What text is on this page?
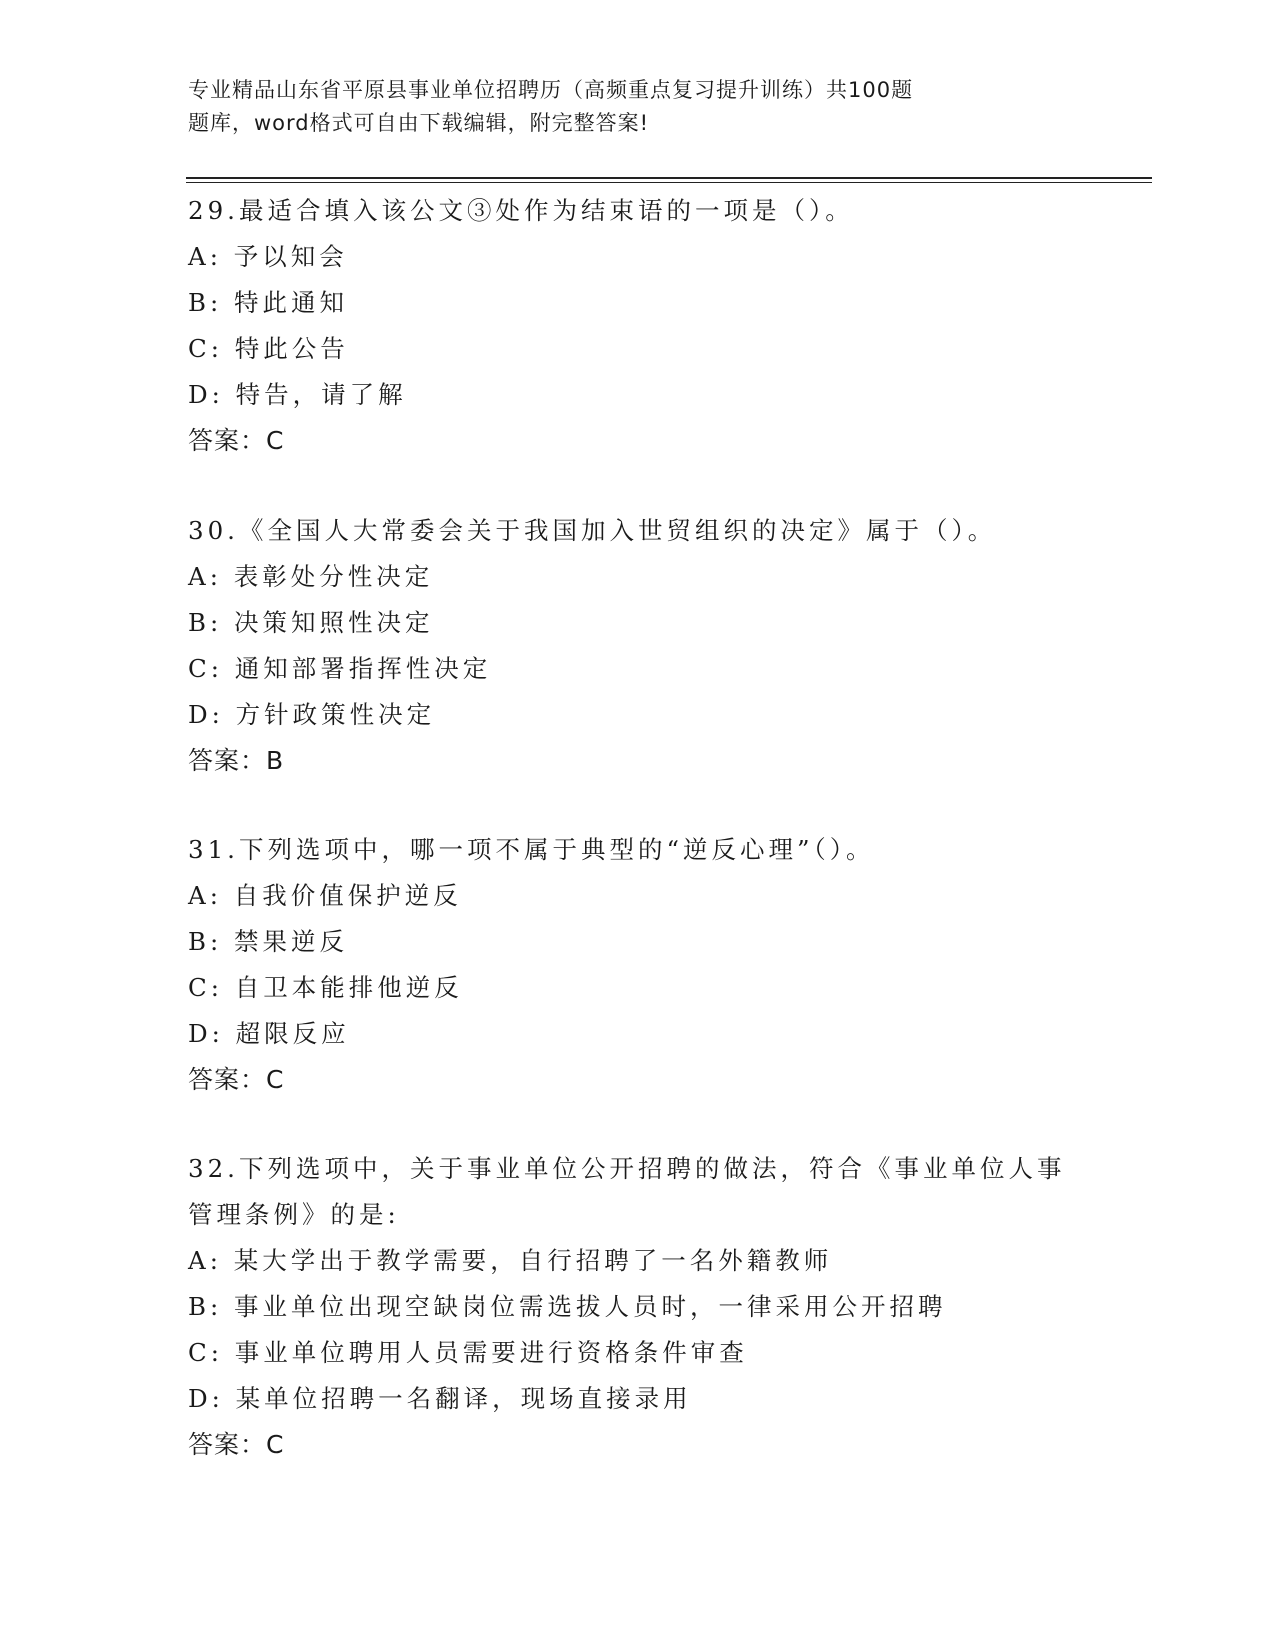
专业精品山东省平原县事业单位招聘历（高频重点复习提升训练）共100题
题库，word格式可自由下载编辑，附完整答案!
29.最适合填入该公文③处作为结束语的一项是（）。
A: 予以知会
B: 特此通知
C: 特此公告
D: 特告，请了解
答案：C
30.《全国人大常委会关于我国加入世贸组织的决定》属于（）。
A: 表彰处分性决定
B: 决策知照性决定
C: 通知部署指挥性决定
D: 方针政策性决定
答案：B
31.下列选项中，哪一项不属于典型的“逆反心理”（）。
A: 自我价值保护逆反
B: 禁果逆反
C: 自卫本能排他逆反
D: 超限反应
答案：C
32.下列选项中，关于事业单位公开招聘的做法，符合《事业单位人事
管理条例》的是:
A: 某大学出于教学需要，自行招聘了一名外籍教师
B: 事业单位出现空缺岗位需选拔人员时，一律采用公开招聘
C: 事业单位聘用人员需要进行资格条件审查
D: 某单位招聘一名翻译，现场直接录用
答案：C
